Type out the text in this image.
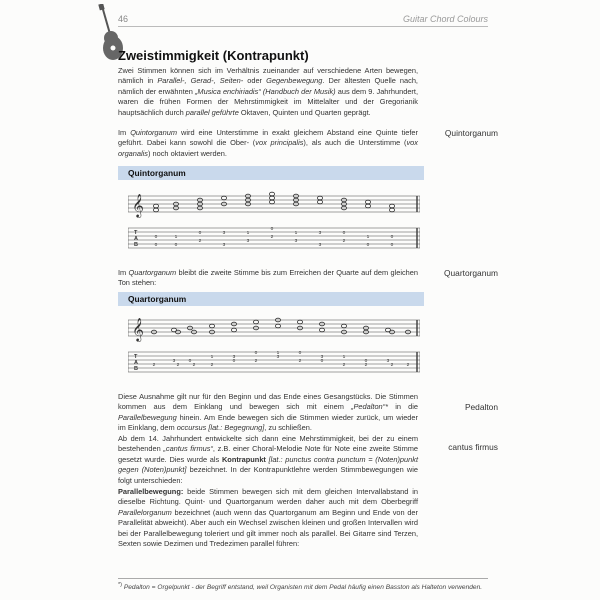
46	Guitar Chord Colours
Zweistimmigkeit (Kontrapunkt)

Zwei Stimmen können sich im Verhältnis zueinander auf verschiedene Arten bewegen, nämlich in Parallel-, Gerad-, Seiten- oder Gegenbewegung. Der ältesten Quelle nach, nämlich der erwähnten „Musica enchiriadis“ (Handbuch der Musik) aus dem 9. Jahrhundert, waren die frühen Formen der Mehrstimmigkeit im Mittelalter und der Gregorianik hauptsächlich durch parallel geführte Oktaven, Quinten und Quarten geprägt.

Im Quintorganum wird eine Unterstimme in exakt gleichem Abstand eine Quinte tiefer geführt. Dabei kann sowohl die Ober- (vox principalis), als auch die Unterstimme (vox organalis) noch oktaviert werden.

Quintorganum
Quintorganum
𝄞
T
A
B
0
0
1
0
0
2
3
3
1
3
0
2
1
3
3
3
0
2
1
0
0
0

Im Quartorganum bleibt die zweite Stimme bis zum Erreichen der Quarte auf dem gleichen Ton stehen:

Quartorganum
Quartorganum
𝄞
T
A
B
2
3
2
0
2
1
2
3
0
0
2
1
3
0
2
3
0
1
2
0
2
3
2	2

Diese Ausnahme gilt nur für den Beginn und das Ende eines Gesangstücks. Die Stimmen kommen aus dem Einklang und bewegen sich mit einem „Pedalton“* in die Parallelbewegung hinein. Am Ende bewegen sich die Stimmen wieder zurück, um wieder im Einklang, dem occursus [lat.: Begegnung], zu schließen.

Pedalton

Ab dem 14. Jahrhundert entwickelte sich dann eine Mehrstimmigkeit, bei der zu einem bestehenden „cantus firmus“, z.B. einer Choral-Melodie Note für Note eine zweite Stimme gesetzt wurde. Dies wurde als Kontrapunkt [lat.: punctus contra punctum = (Noten)punkt gegen (Noten)punkt] bezeichnet. In der Kontrapunktlehre werden Stimmbewegungen wie folgt unterschieden:

cantus firmus

Parallelbewegung: beide Stimmen bewegen sich mit dem gleichen Intervallabstand in dieselbe Richtung. Quint- und Quartorganum werden daher auch mit dem Oberbegriff Parallelorganum bezeichnet (auch wenn das Quartorganum am Beginn und Ende von der Parallelität abweicht). Aber auch ein Wechsel zwischen kleinen und großen Intervallen wird bei der Parallelbewegung toleriert und gilt immer noch als parallel. Bei Gitarre sind Terzen, Sexten sowie Dezimen und Tredezimen parallel führen:

*) Pedalton = Orgelpunkt - der Begriff entstand, weil Organisten mit dem Pedal häufig einen Basston als Halteton verwenden.
